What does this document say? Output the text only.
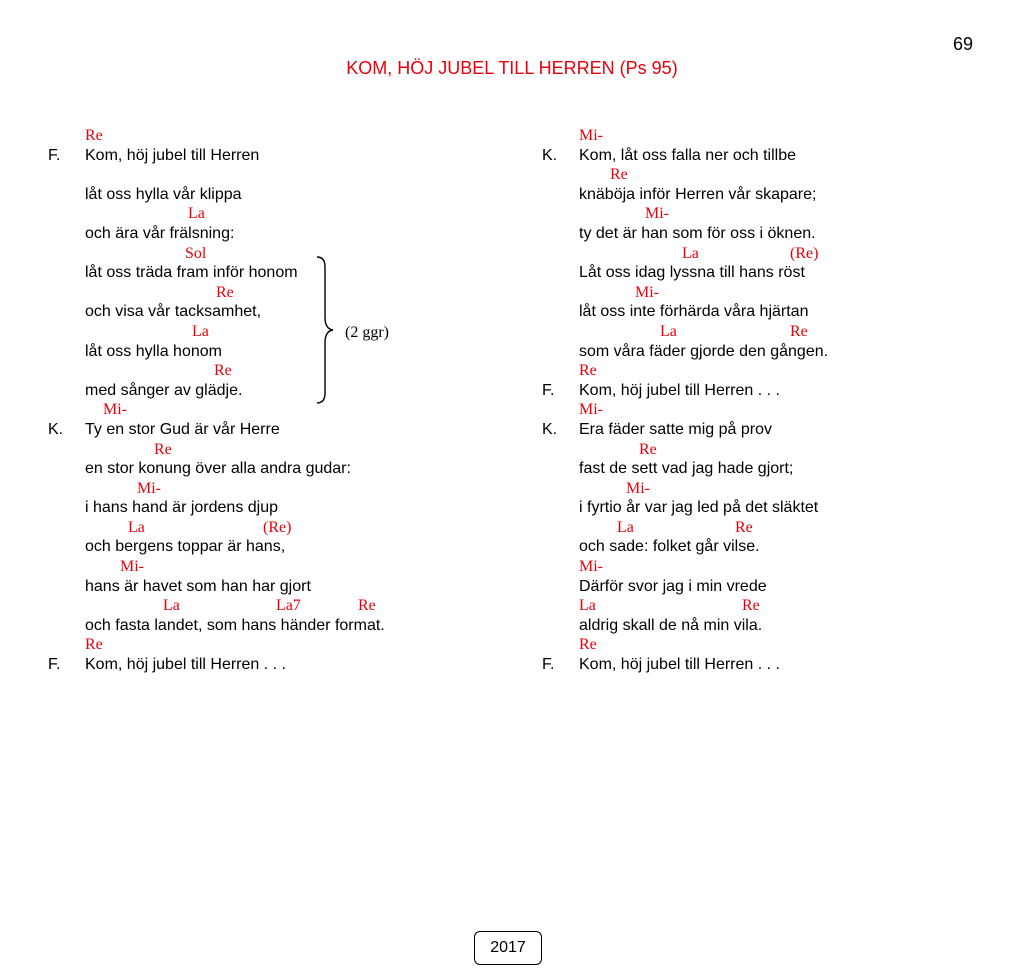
69
KOM, HÖJ JUBEL TILL HERREN (Ps 95)
Re
F. Kom, höj jubel till Herren
låt oss hylla vår klippa
La
och ära vår frälsning:
Sol
låt oss träda fram inför honom
Re
och visa vår tacksamhet,
La
låt oss hylla honom
Re
med sånger av glädje.
Mi-
K. Ty en stor Gud är vår Herre
Re
en stor konung över alla andra gudar:
Mi-
i hans hand är jordens djup
La	(Re)
och bergens toppar är hans,
Mi-
hans är havet som han har gjort
La	La7	Re
och fasta landet, som hans händer format.
Re
F. Kom, höj jubel till Herren . . .
Mi-
K. Kom, låt oss falla ner och tillbe
Re
knäböja inför Herren vår skapare;
Mi-
ty det är han som för oss i öknen.
La	(Re)
Låt oss idag lyssna till hans röst
Mi-
låt oss inte förhärda våra hjärtan
La	Re
som våra fäder gjorde den gången.
Re
F. Kom, höj jubel till Herren . . .
Mi-
K. Era fäder satte mig på prov
Re
fast de sett vad jag hade gjort;
Mi-
i fyrtio år var jag led på det släktet
La	Re
och sade: folket går vilse.
Mi-
Därför svor jag i min vrede
La	Re
aldrig skall de nå min vila.
Re
F. Kom, höj jubel till Herren . . .
(2 ggr)
2017
